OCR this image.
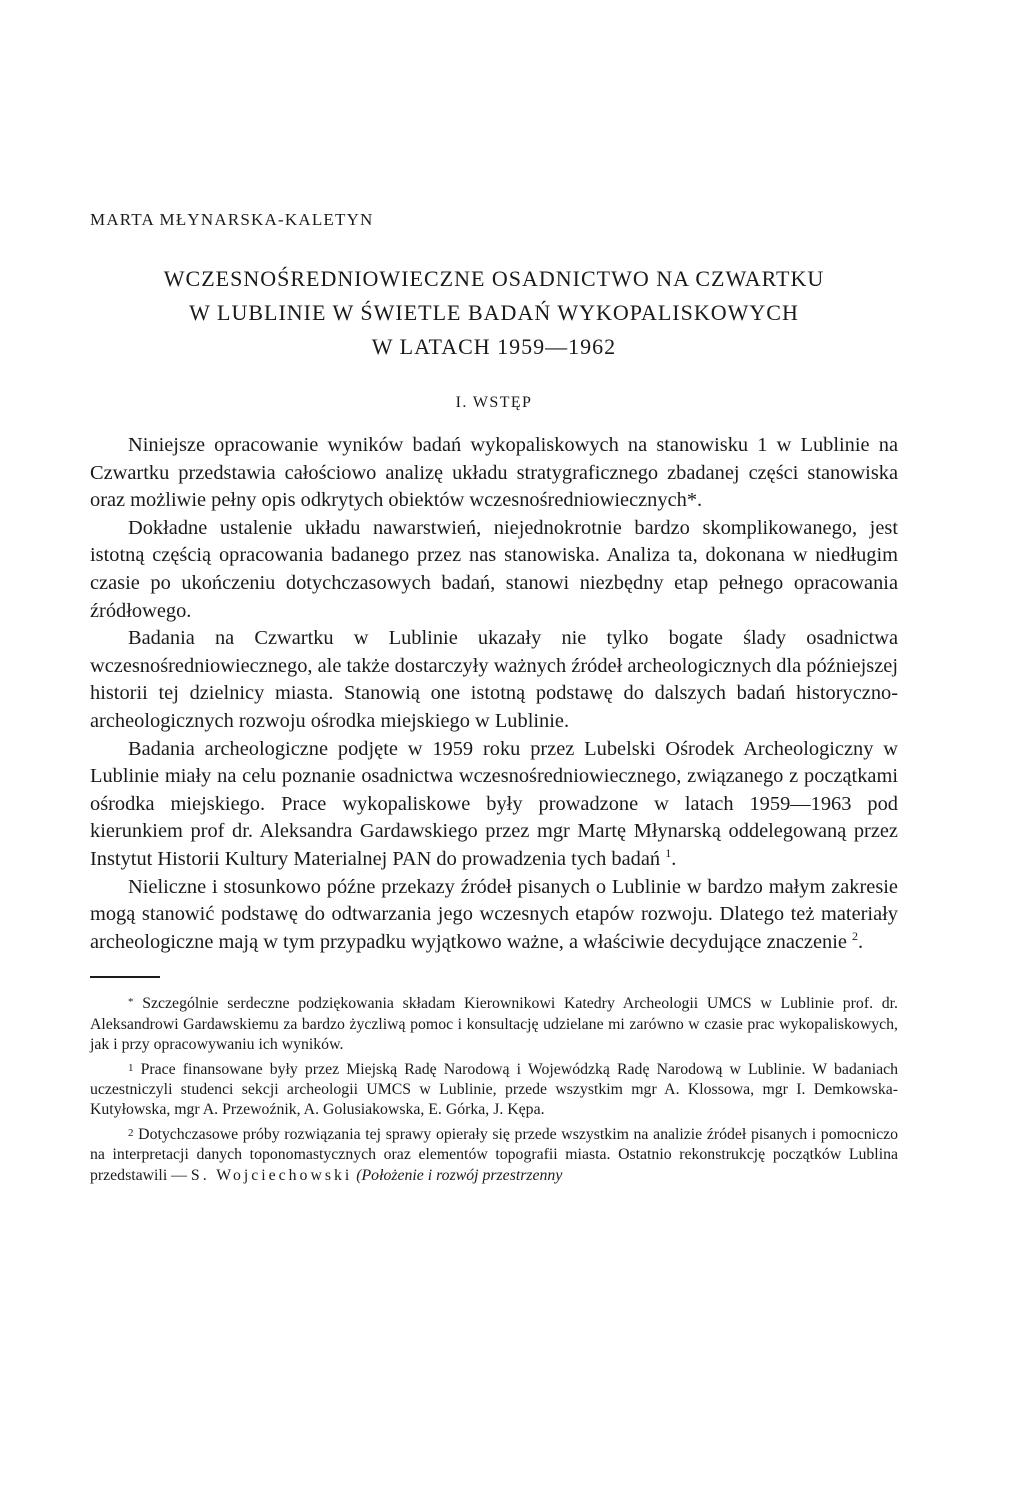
MARTA MŁYNARSKA-KALETYN
WCZESNOŚREDNIOWIECZNE OSADNICTWO NA CZWARTKU
W LUBLINIE W ŚWIETLE BADAŃ WYKOPALISKOWYCH
W LATACH 1959—1962
I. WSTĘP

Niniejsze opracowanie wyników badań wykopaliskowych na stanowisku 1 w Lublinie na Czwartku przedstawia całościowo analizę układu stratygraficznego zbadanej części stanowiska oraz możliwie pełny opis odkrytych obiektów wczesnośredniowiecznych*.

Dokładne ustalenie układu nawarstwień, niejednokrotnie bardzo skomplikowanego, jest istotną częścią opracowania badanego przez nas stanowiska. Analiza ta, dokonana w niedługim czasie po ukończeniu dotychczasowych badań, stanowi niezbędny etap pełnego opracowania źródłowego.

Badania na Czwartku w Lublinie ukazały nie tylko bogate ślady osadnictwa wczesnośredniowiecznego, ale także dostarczyły ważnych źródeł archeologicznych dla późniejszej historii tej dzielnicy miasta. Stanowią one istotną podstawę do dalszych badań historyczno-archeologicznych rozwoju ośrodka miejskiego w Lublinie.

Badania archeologiczne podjęte w 1959 roku przez Lubelski Ośrodek Archeologiczny w Lublinie miały na celu poznanie osadnictwa wczesnośredniowiecznego, związanego z początkami ośrodka miejskiego. Prace wykopaliskowe były prowadzone w latach 1959—1963 pod kierunkiem prof dr. Aleksandra Gardawskiego przez mgr Martę Młynarską oddelegowaną przez Instytut Historii Kultury Materialnej PAN do prowadzenia tych badań $^1$.

Nieliczne i stosunkowo późne przekazy źródeł pisanych o Lublinie w bardzo małym zakresie mogą stanowić podstawę do odtwarzania jego wczesnych etapów rozwoju. Dlatego też materiały archeologiczne mają w tym przypadku wyjątkowo ważne, a właściwie decydujące znaczenie $^2$.

* Szczególnie serdeczne podziękowania składam Kierownikowi Katedry Archeologii UMCS w Lublinie prof. dr. Aleksandrowi Gardawskiemu za bardzo życzliwą pomoc i konsultację udzielane mi zarówno w czasie prac wykopaliskowych, jak i przy opracowywaniu ich wyników.

1 Prace finansowane były przez Miejską Radę Narodową i Wojewódzką Radę Narodową w Lublinie. W badaniach uczestniczyli studenci sekcji archeologii UMCS w Lublinie, przede wszystkim mgr A. Klossowa, mgr I. Demkowska-Kutyłowska, mgr A. Przewoźnik, A. Golusiakowska, E. Górka, J. Kępa.

2 Dotychczasowe próby rozwiązania tej sprawy opierały się przede wszystkim na analizie źródeł pisanych i pomocniczo na interpretacji danych toponomastycznych oraz elementów topografii miasta. Ostatnio rekonstrukcję początków Lublina przedstawili — S. Wojciechowski (Położenie i rozwój przestrzenny
